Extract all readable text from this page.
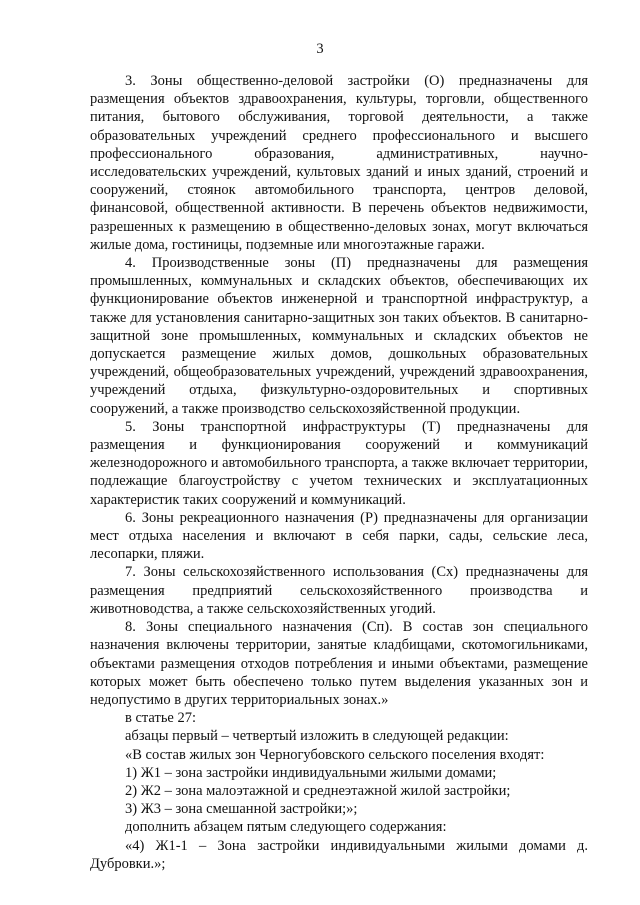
3

3. Зоны общественно-деловой застройки (О) предназначены для размещения объектов здравоохранения, культуры, торговли, общественного питания, бытового обслуживания, торговой деятельности, а также образовательных учреждений среднего профессионального и высшего профессионального образования, административных, научно-исследовательских учреждений, культовых зданий и иных зданий, строений и сооружений, стоянок автомобильного транспорта, центров деловой, финансовой, общественной активности. В перечень объектов недвижимости, разрешенных к размещению в общественно-деловых зонах, могут включаться жилые дома, гостиницы, подземные или многоэтажные гаражи.

4. Производственные зоны (П) предназначены для размещения промышленных, коммунальных и складских объектов, обеспечивающих их функционирование объектов инженерной и транспортной инфраструктур, а также для установления санитарно-защитных зон таких объектов. В санитарно-защитной зоне промышленных, коммунальных и складских объектов не допускается размещение жилых домов, дошкольных образовательных учреждений, общеобразовательных учреждений, учреждений здравоохранения, учреждений отдыха, физкультурно-оздоровительных и спортивных сооружений, а также производство сельскохозяйственной продукции.

5. Зоны транспортной инфраструктуры (Т) предназначены для размещения и функционирования сооружений и коммуникаций железнодорожного и автомобильного транспорта, а также включает территории, подлежащие благоустройству с учетом технических и эксплуатационных характеристик таких сооружений и коммуникаций.

6. Зоны рекреационного назначения (Р) предназначены для организации мест отдыха населения и включают в себя парки, сады, сельские леса, лесопарки, пляжи.

7. Зоны сельскохозяйственного использования (Сх) предназначены для размещения предприятий сельскохозяйственного производства и животноводства, а также сельскохозяйственных угодий.

8. Зоны специального назначения (Сп). В состав зон специального назначения включены территории, занятые кладбищами, скотомогильниками, объектами размещения отходов потребления и иными объектами, размещение которых может быть обеспечено только путем выделения указанных зон и недопустимо в других территориальных зонах.»

в статье 27:

абзацы первый – четвертый изложить в следующей редакции:

«В состав жилых зон Черногубовского сельского поселения входят:

1) Ж1 – зона застройки индивидуальными жилыми домами;

2) Ж2 – зона малоэтажной и среднеэтажной жилой застройки;

3) Ж3 – зона смешанной застройки;»;

дополнить абзацем пятым следующего содержания:

«4) Ж1-1 – Зона застройки индивидуальными жилыми домами д. Дубровки.»;
